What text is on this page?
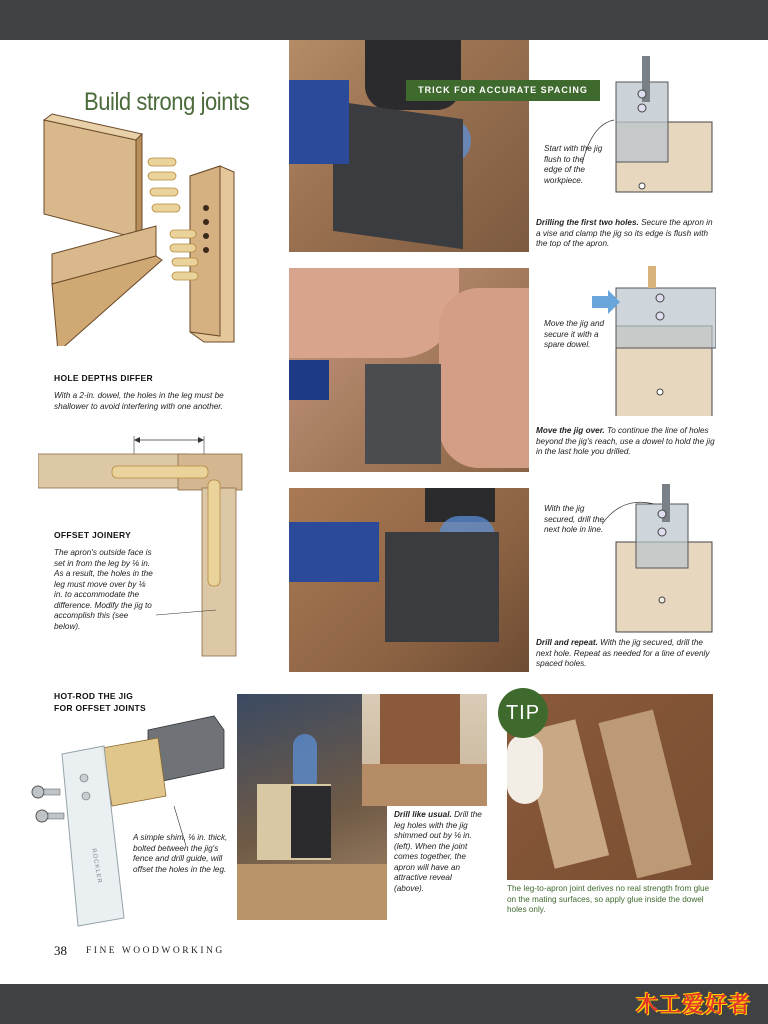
Build strong joints
HOLE DEPTHS DIFFER
With a 2-in. dowel, the holes in the leg must be shallower to avoid interfering with one another.
OFFSET JOINERY
The apron's outside face is set in from the leg by ⅛ in. As a result, the holes in the leg must move over by ⅛ in. to accommodate the difference. Modify the jig to accomplish this (see below).
HOT-ROD THE JIG
FOR OFFSET JOINTS
ROCKLER
A simple shim, ⅛ in. thick, bolted between the jig's fence and drill guide, will offset the holes in the leg.
TRICK FOR ACCURATE SPACING
Start with the jig flush to the edge of the workpiece.
Drilling the first two holes. Secure the apron in a vise and clamp the jig so its edge is flush with the top of the apron.
Move the jig and secure it with a spare dowel.
Move the jig over. To continue the line of holes beyond the jig's reach, use a dowel to hold the jig in the last hole you drilled.
With the jig secured, drill the next hole in line.
Drill and repeat. With the jig secured, drill the next hole. Repeat as needed for a line of evenly spaced holes.
Drill like usual. Drill the leg holes with the jig shimmed out by ⅛ in. (left). When the joint comes together, the apron will have an attractive reveal (above).
TIP
The leg-to-apron joint derives no real strength from glue on the mating surfaces, so apply glue inside the dowel holes only.
38 FINE WOODWORKING
木工爱好者
